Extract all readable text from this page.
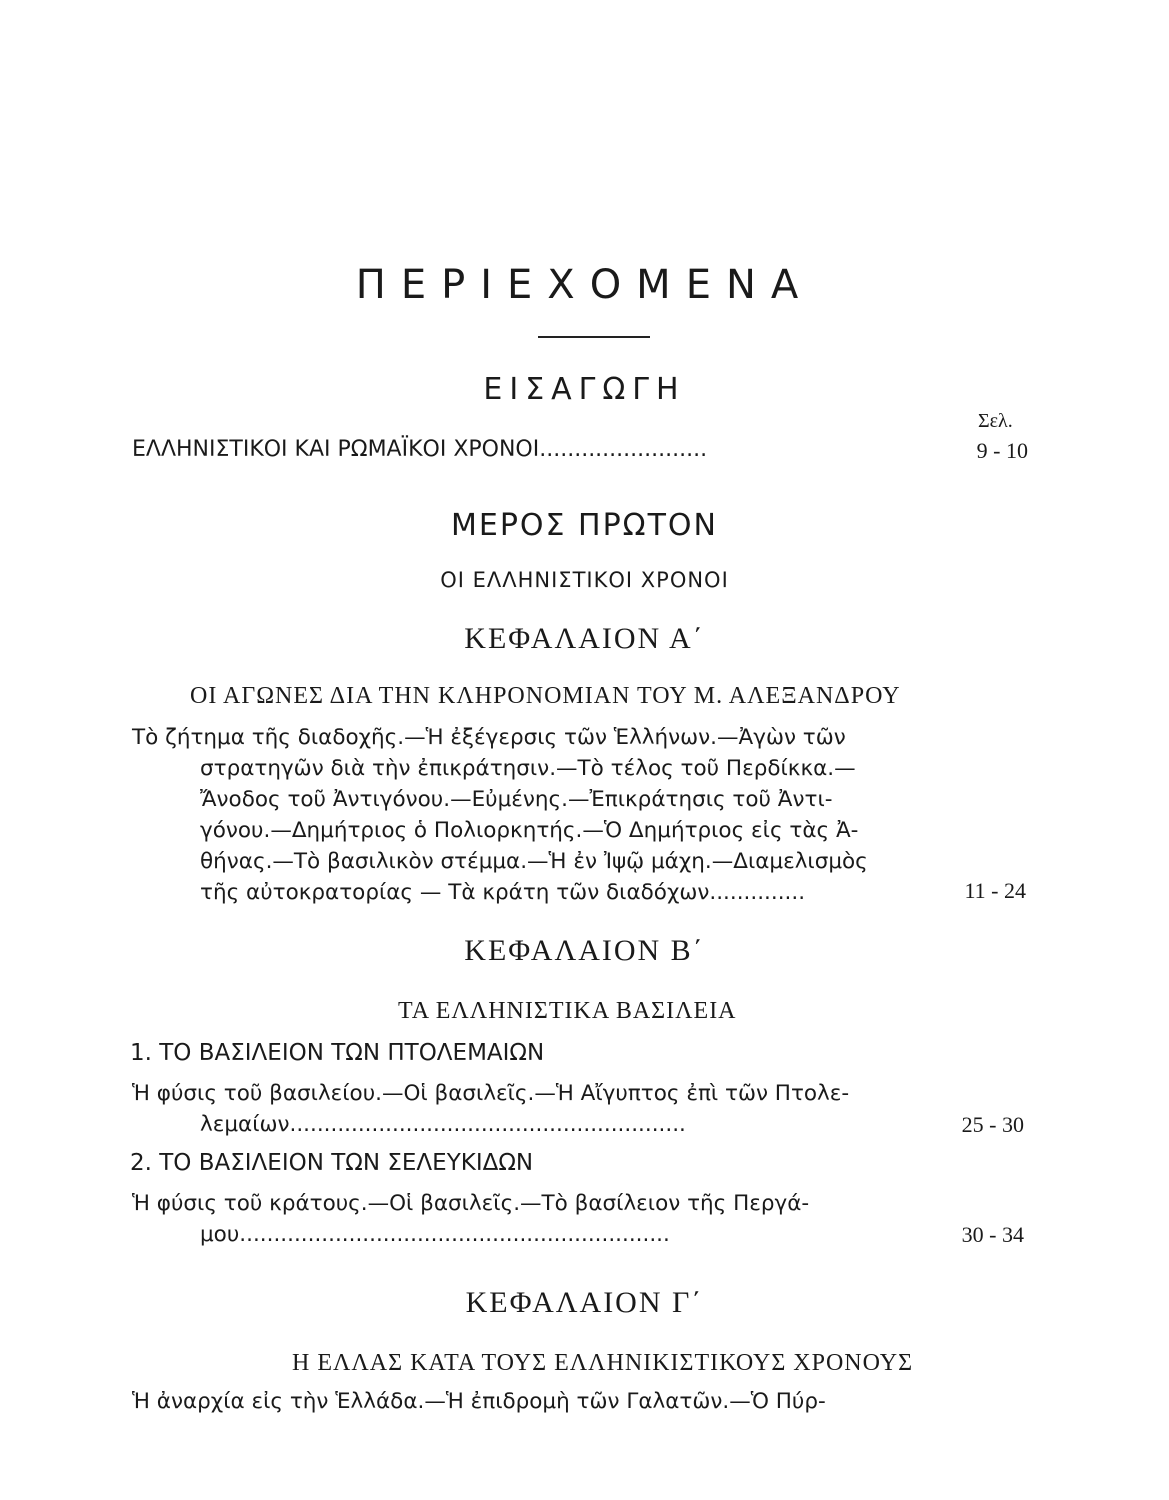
ΠΕΡΙΕΧΟΜΕΝΑ
ΕΙΣΑΓΩΓΗ
Σελ.
ΕΛΛΗΝΙΣΤΙΚΟΙ ΚΑΙ ΡΩΜΑΪΚΟΙ ΧΡΟΝΟΙ........................	9 - 10
ΜΕΡΟΣ ΠΡΩΤΟΝ
ΟΙ ΕΛΛΗΝΙΣΤΙΚΟΙ ΧΡΟΝΟΙ
ΚΕΦΑΛΑΙΟΝ Α΄
ΟΙ ΑΓΩΝΕΣ ΔΙΑ ΤΗΝ ΚΛΗΡΟΝΟΜΙΑΝ ΤΟΥ Μ. ΑΛΕΞΑΝΔΡΟΥ
Τὸ ζήτημα τῆς διαδοχῆς.—Ἡ ἐξέγερσις τῶν Ἑλλήνων.—Ἀγὼν τῶν
στρατηγῶν διὰ τὴν ἐπικράτησιν.—Τὸ τέλος τοῦ Περδίκκα.—
Ἄνοδος τοῦ Ἀντιγόνου.—Εὐμένης.—Ἐπικράτησις τοῦ Ἀντι-
γόνου.—Δημήτριος ὁ Πολιορκητής.—Ὁ Δημήτριος εἰς τὰς Ἀ-
θήνας.—Τὸ βασιλικὸν στέμμα.—Ἡ ἐν Ἰψῷ μάχη.—Διαμελισμὸς
τῆς αὐτοκρατορίας — Τὰ κράτη τῶν διαδόχων..............	11 - 24
ΚΕΦΑΛΑΙΟΝ Β΄
ΤΑ ΕΛΛΗΝΙΣΤΙΚΑ ΒΑΣΙΛΕΙΑ
1. ΤΟ ΒΑΣΙΛΕΙΟΝ ΤΩΝ ΠΤΟΛΕΜΑΙΩΝ
Ἡ φύσις τοῦ βασιλείου.—Οἱ βασιλεῖς.—Ἡ Αἴγυπτος ἐπὶ τῶν Πτολε-
λεμαίων..........................................................	25 - 30
2. ΤΟ ΒΑΣΙΛΕΙΟΝ ΤΩΝ ΣΕΛΕΥΚΙΔΩΝ
Ἡ φύσις τοῦ κράτους.—Οἱ βασιλεῖς.—Τὸ βασίλειον τῆς Περγά-
μου...............................................................	30 - 34
ΚΕΦΑΛΑΙΟΝ Γ΄
Η ΕΛΛΑΣ ΚΑΤΑ ΤΟΥΣ ΕΛΛΗΝΙΚΙΣΤΙΚΟΥΣ ΧΡΟΝΟΥΣ
Ἡ ἀναρχία εἰς τὴν Ἑλλάδα.—Ἡ ἐπιδρομὴ τῶν Γαλατῶν.—Ὁ Πύρ-
